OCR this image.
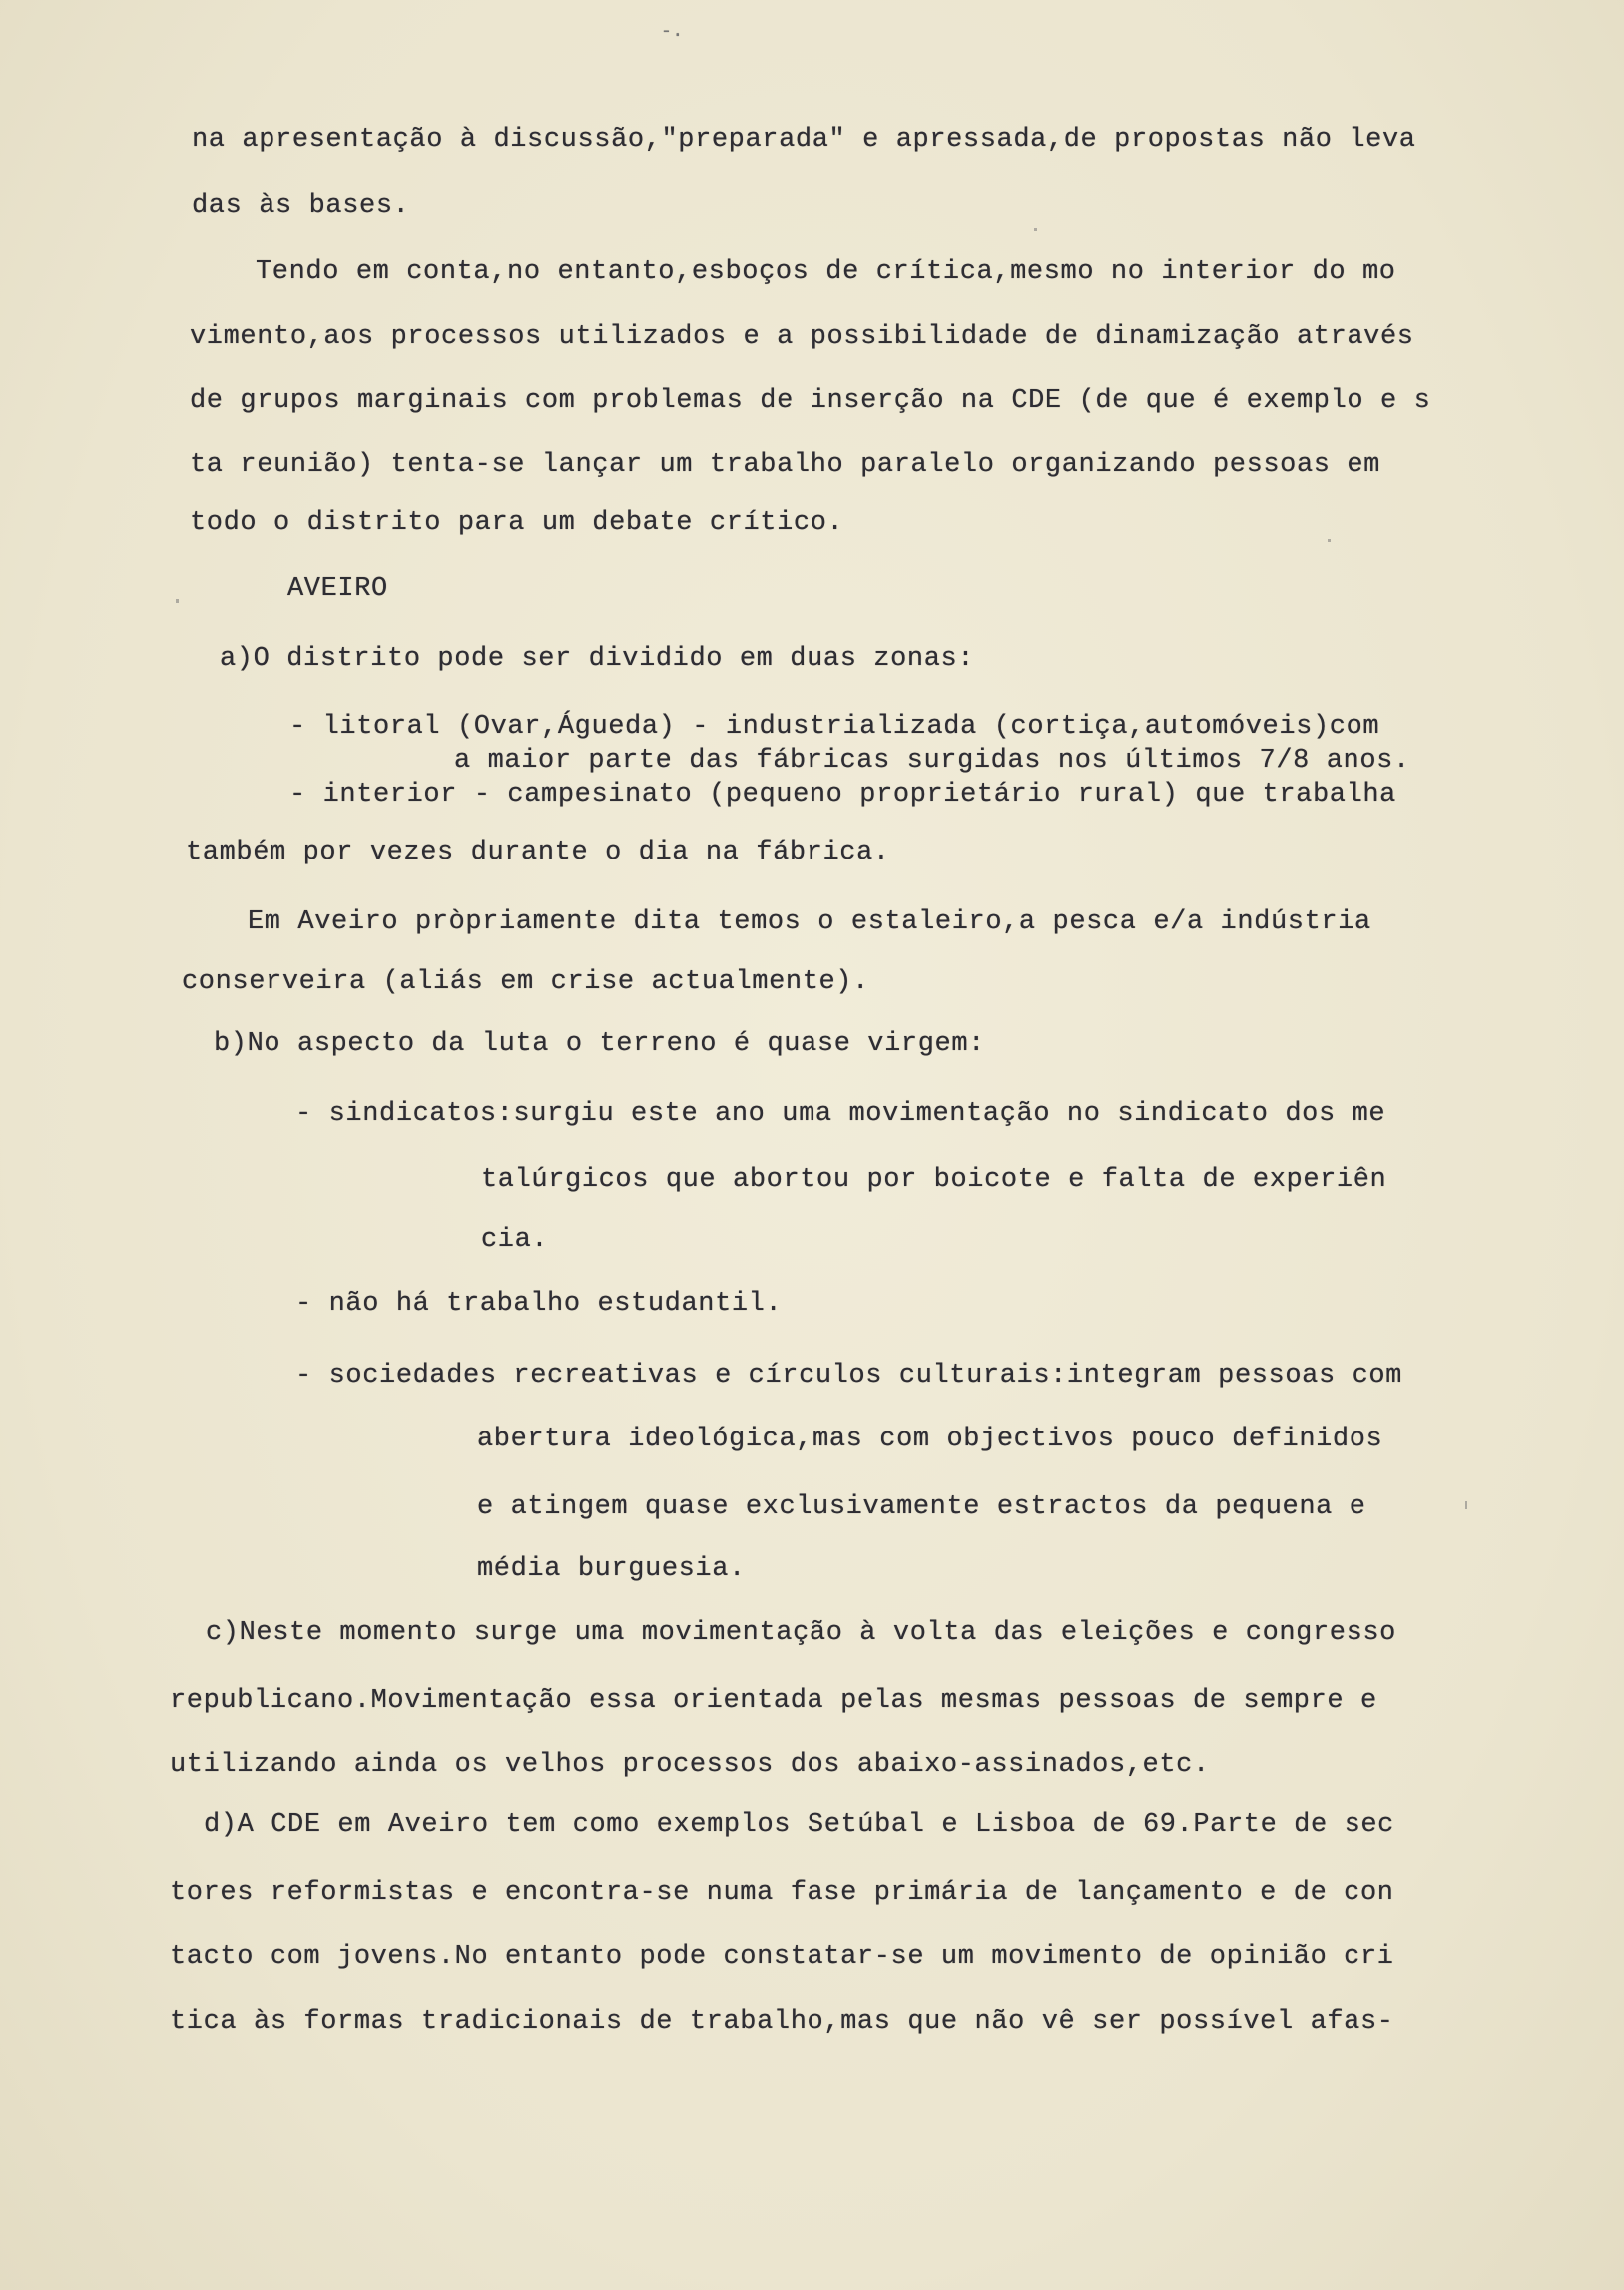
-.
na apresentação à discussão,"preparada" e apressada,de propostas não leva
das às bases.
Tendo em conta,no entanto,esboços de crítica,mesmo no interior do mo
vimento,aos processos utilizados e a possibilidade de dinamização através
de grupos marginais com problemas de inserção na CDE (de que é exemplo e s
ta reunião) tenta-se lançar um trabalho paralelo organizando pessoas em
todo o distrito para um debate crítico.
AVEIRO
a)O distrito pode ser dividido em duas zonas:
- litoral (Ovar,Águeda) - industrializada (cortiça,automóveis)com
a maior parte das fábricas surgidas nos últimos 7/8 anos.
- interior - campesinato (pequeno proprietário rural) que trabalha
também por vezes durante o dia na fábrica.
Em Aveiro pròpriamente dita temos o estaleiro,a pesca e/a indústria
conserveira (aliás em crise actualmente).
b)No aspecto da luta o terreno é quase virgem:
- sindicatos:surgiu este ano uma movimentação no sindicato dos me
talúrgicos que abortou por boicote e falta de experiên
cia.
- não há trabalho estudantil.
- sociedades recreativas e círculos culturais:integram pessoas com
abertura ideológica,mas com objectivos pouco definidos
e atingem quase exclusivamente estractos da pequena e
média burguesia.
c)Neste momento surge uma movimentação à volta das eleições e congresso
republicano.Movimentação essa orientada pelas mesmas pessoas de sempre e
utilizando ainda os velhos processos dos abaixo-assinados,etc.
d)A CDE em Aveiro tem como exemplos Setúbal e Lisboa de 69.Parte de sec
tores reformistas e encontra-se numa fase primária de lançamento e de con
tacto com jovens.No entanto pode constatar-se um movimento de opinião cri
tica às formas tradicionais de trabalho,mas que não vê ser possível afas-
